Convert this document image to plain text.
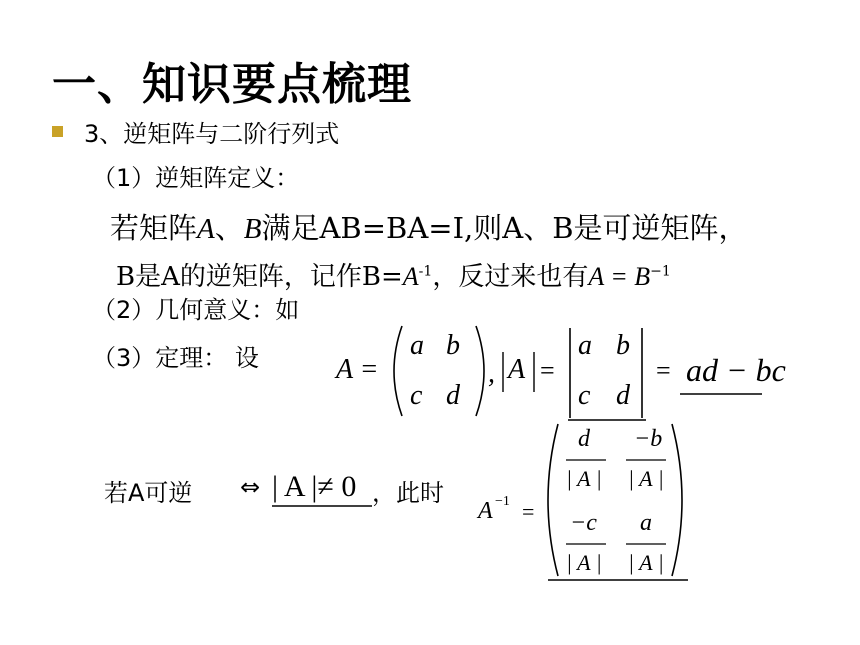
一、知识要点梳理
3、逆矩阵与二阶行列式
（1）逆矩阵定义：
若矩阵A、B满足AB=BA=I,则A、B是可逆矩阵，
B是A的逆矩阵，记作$B=A^{-1}$，反过来也有$A = B^{-1}$
（2）几何意义：如
（3）定理： 设	A =
a b
c d
, A =
a b
c d
= ad − bc
若A可逆 ⇔ | A |≠ 0 ，此时
A −1 =
d
| A |
−b
| A |
−c
| A |
a
| A |
